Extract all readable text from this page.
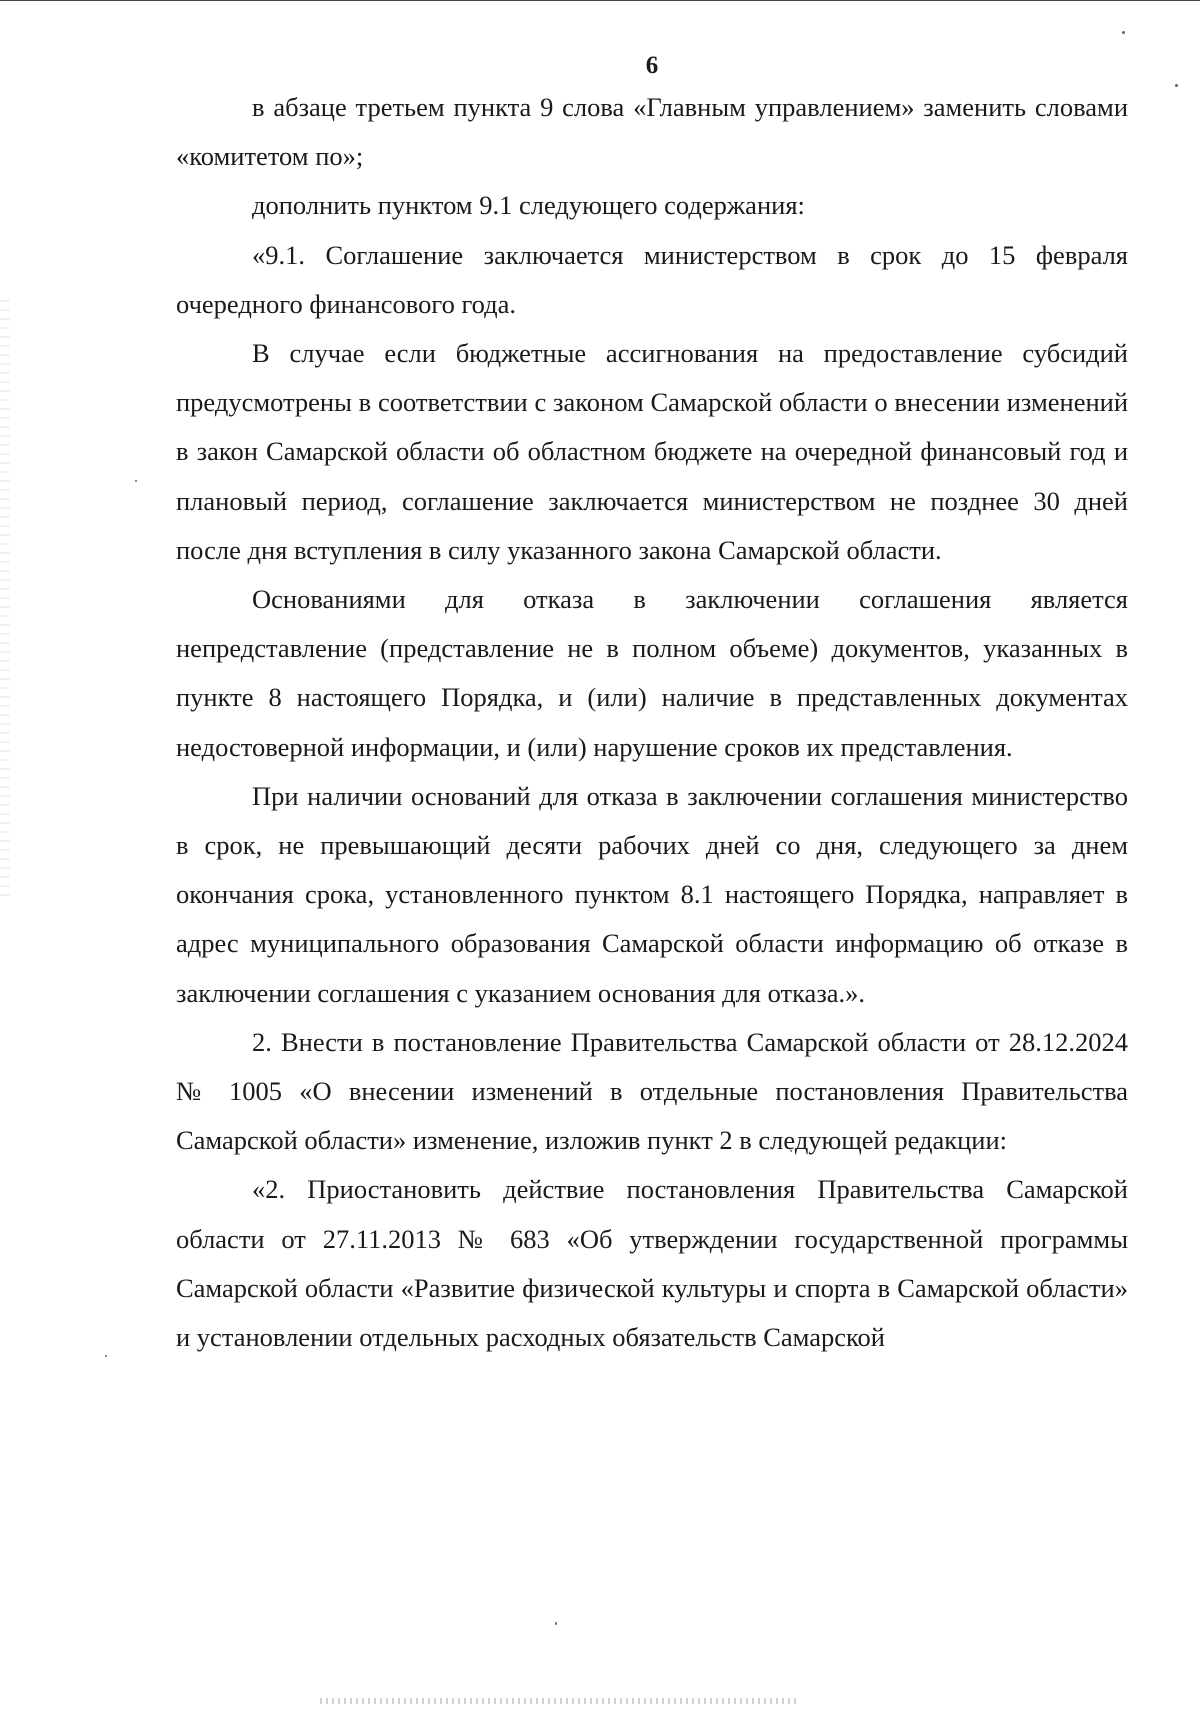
6

в абзаце третьем пункта 9 слова «Главным управлением» заменить словами «комитетом по»;

дополнить пунктом 9.1 следующего содержания:

«9.1. Соглашение заключается министерством в срок до 15 февраля очередного финансового года.

В случае если бюджетные ассигнования на предоставление субсидий предусмотрены в соответствии с законом Самарской области о внесении изменений в закон Самарской области об областном бюджете на очередной финансовый год и плановый период, соглашение заключается министерством не позднее 30 дней после дня вступления в силу указанного закона Самарской области.

Основаниями для отказа в заключении соглашения является непредставление (представление не в полном объеме) документов, указанных в пункте 8 настоящего Порядка, и (или) наличие в представленных документах недостоверной информации, и (или) нарушение сроков их представления.

При наличии оснований для отказа в заключении соглашения министерство в срок, не превышающий десяти рабочих дней со дня, следующего за днем окончания срока, установленного пунктом 8.1 настоящего Порядка, направляет в адрес муниципального образования Самарской области информацию об отказе в заключении соглашения с указанием основания для отказа.».

2. Внести в постановление Правительства Самарской области от 28.12.2024 № 1005 «О внесении изменений в отдельные постановления Правительства Самарской области» изменение, изложив пункт 2 в следующей редакции:

«2. Приостановить действие постановления Правительства Самарской области от 27.11.2013 № 683 «Об утверждении государственной программы Самарской области «Развитие физической культуры и спорта в Самарской области» и установлении отдельных расходных обязательств Самарской
